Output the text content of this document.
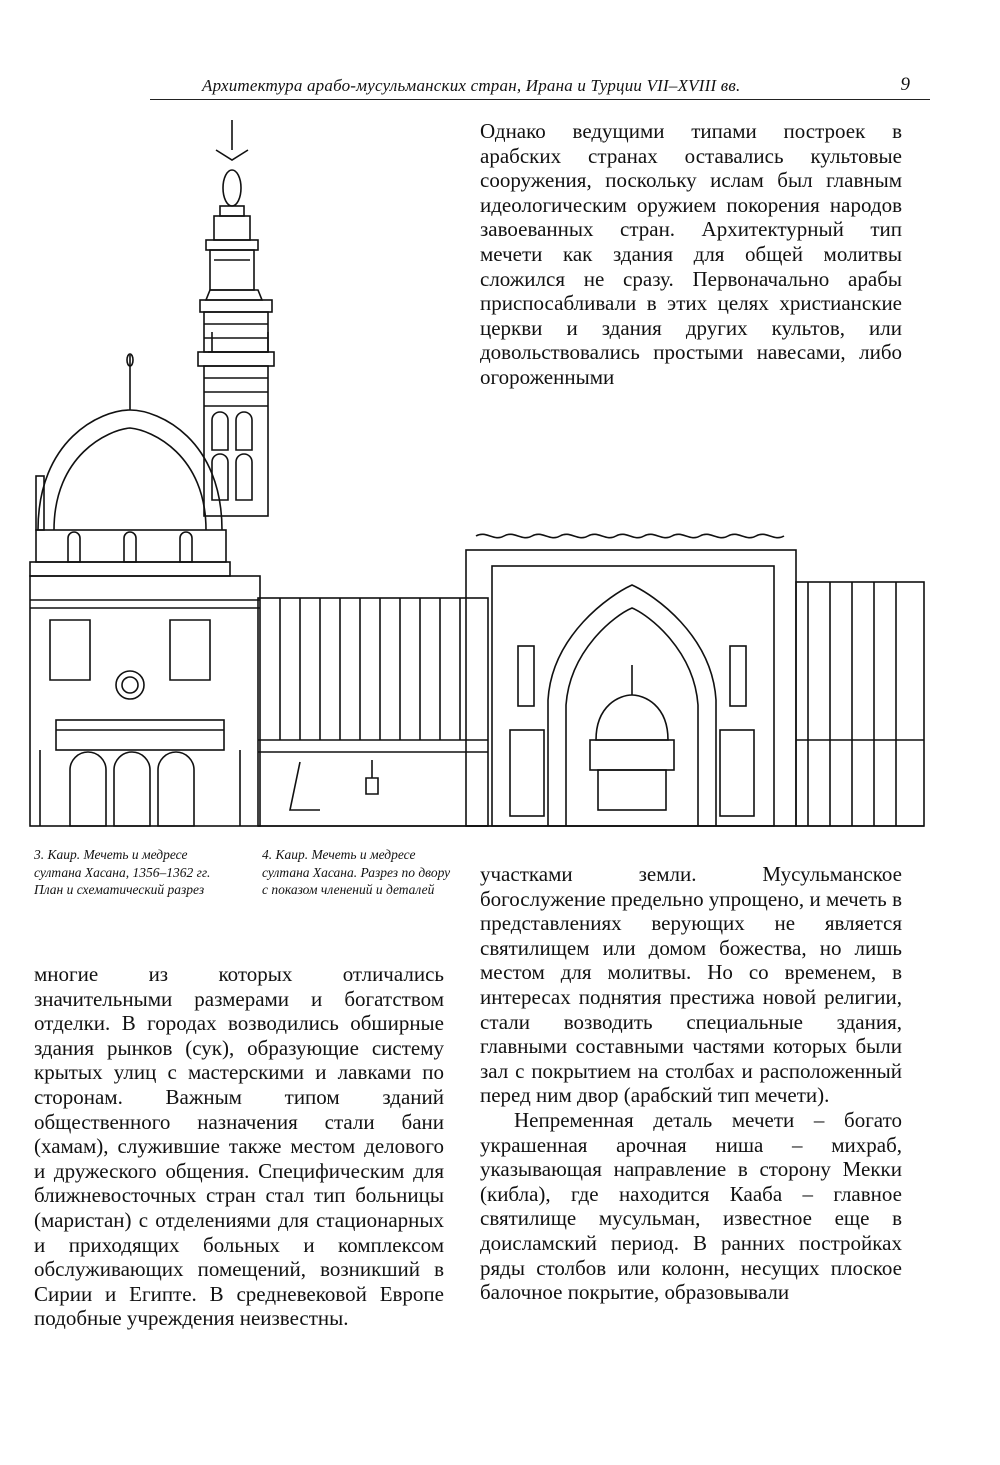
Архитектура арабо-мусульманских стран, Ирана и Турции VII–XVIII вв.	9

Однако ведущими типами построек в арабских странах оставались культовые сооружения, поскольку ислам был главным идеологическим оружием покорения народов завоеванных стран. Архитектурный тип мечети как здания для общей молитвы сложился не сразу. Первоначально арабы приспосабливали в этих целях христианские церкви и здания других культов, или довольствовались простыми навесами, либо огороженными

3. Каир. Мечеть и медресе султана Хасана, 1356–1362 гг. План и схематический разрез

4. Каир. Мечеть и медресе султана Хасана. Разрез по двору с показом членений и деталей

участками земли. Мусульманское богослужение предельно упрощено, и мечеть в представлениях верующих не является святилищем или домом божества, но лишь местом для молитвы. Но со временем, в интересах поднятия престижа новой религии, стали возводить специальные здания, главными составными частями которых были зал с покрытием на столбах и расположенный перед ним двор (арабский тип мечети).

Непременная деталь мечети – богато украшенная арочная ниша – михраб, указывающая направление в сторону Мекки (кибла), где находится Кааба – главное святилище мусульман, известное еще в доисламский период. В ранних постройках ряды столбов или колонн, несущих плоское балочное покрытие, образовывали

многие из которых отличались значительными размерами и богатством отделки. В городах возводились обширные здания рынков (сук), образующие систему крытых улиц с мастерскими и лавками по сторонам. Важным типом зданий общественного назначения стали бани (хамам), служившие также местом делового и дружеского общения. Специфическим для ближневосточных стран стал тип больницы (маристан) с отделениями для стационарных и приходящих больных и комплексом обслуживающих помещений, возникший в Сирии и Египте. В средневековой Европе подобные учреждения неизвестны.
